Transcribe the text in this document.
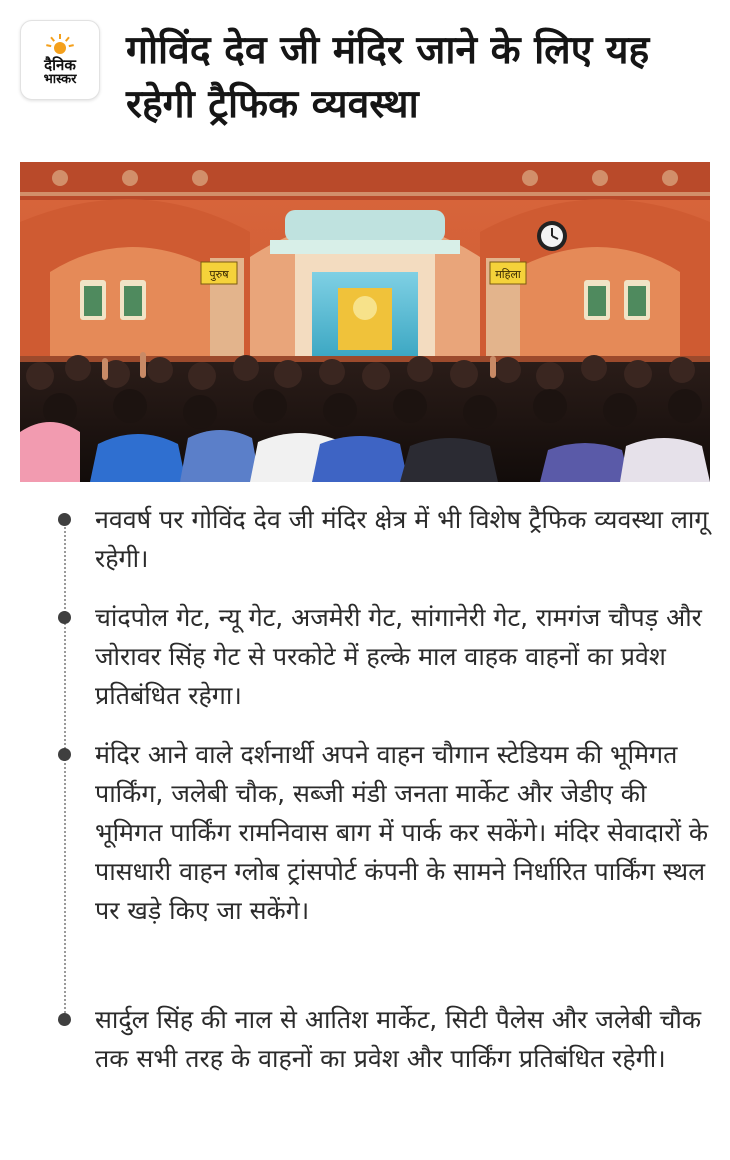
दैनिक
भास्कर
गोविंद देव जी मंदिर जाने के लिए यह रहेगी ट्रैफिक व्यवस्था
पुरुष	महिला
नववर्ष पर गोविंद देव जी मंदिर क्षेत्र में भी विशेष ट्रैफिक व्यवस्था लागू रहेगी।
चांदपोल गेट, न्यू गेट, अजमेरी गेट, सांगानेरी गेट, रामगंज चौपड़ और जोरावर सिंह गेट से परकोटे में हल्के माल वाहक वाहनों का प्रवेश प्रतिबंधित रहेगा।
मंदिर आने वाले दर्शनार्थी अपने वाहन चौगान स्टेडियम की भूमिगत पार्किंग, जलेबी चौक, सब्जी मंडी जनता मार्केट और जेडीए की भूमिगत पार्किंग रामनिवास बाग में पार्क कर सकेंगे। मंदिर सेवादारों के पासधारी वाहन ग्लोब ट्रांसपोर्ट कंपनी के सामने निर्धारित पार्किंग स्थल पर खड़े किए जा सकेंगे।
सार्दुल सिंह की नाल से आतिश मार्केट, सिटी पैलेस और जलेबी चौक तक सभी तरह के वाहनों का प्रवेश और पार्किंग प्रतिबंधित रहेगी।
